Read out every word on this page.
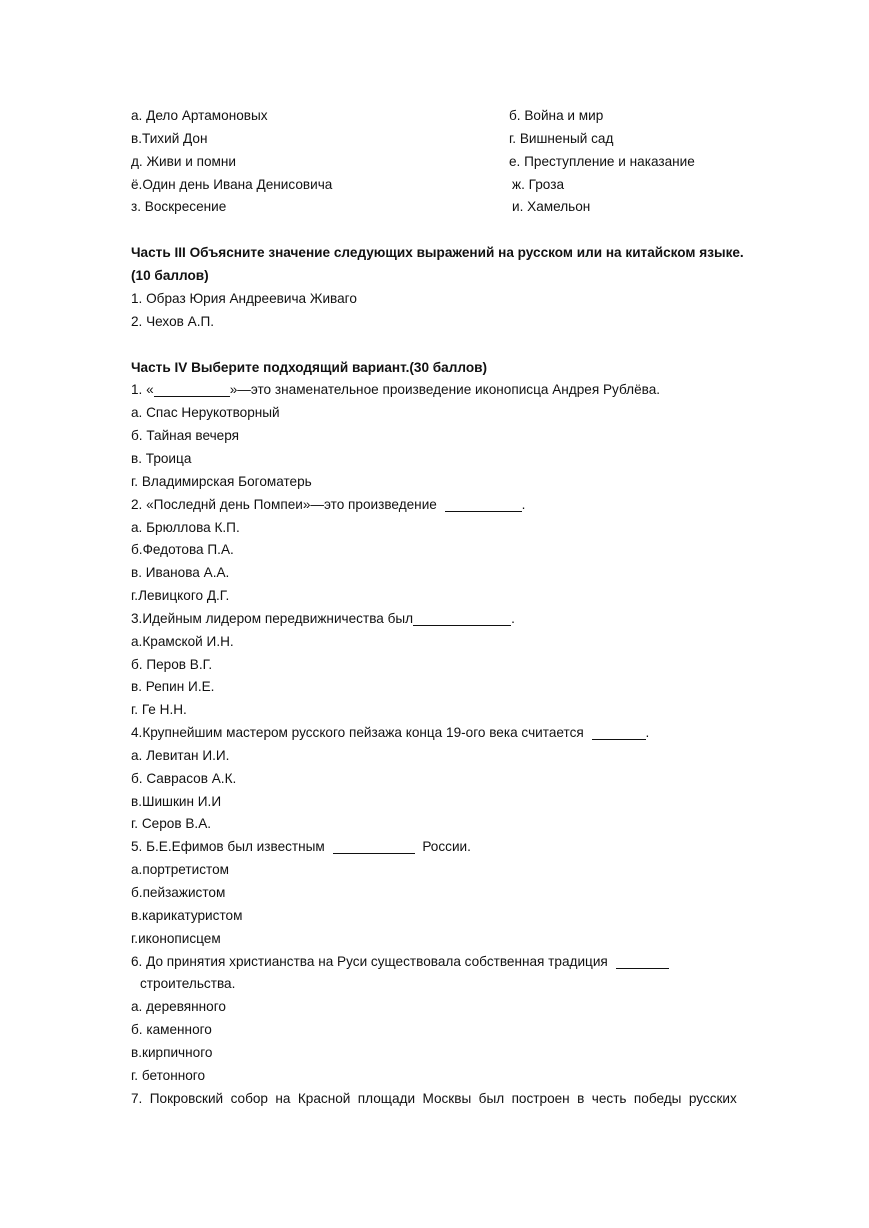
а. Дело Артамоновых	б. Война и мир
в.Тихий Дон	г. Вишненый сад
д. Живи и помни	е. Преступление и наказание
ё.Один день Ивана Денисовича	ж. Гроза
з. Воскресение	и. Хамельон
Часть III Объясните значение следующих выражений на русском или на китайском языке.
(10 баллов)
1. Образ Юрия Андреевича Живаго
2. Чехов А.П.
Часть IV Выберите подходящий вариант.(30 баллов)
1. «	»—это знаменательное произведение иконописца Андрея Рублёва.
а. Спас Нерукотворный
б. Тайная вечеря
в. Троица
г. Владимирская Богоматерь
2. «Последнй день Помпеи»—это произведение	.
а. Брюллова К.П.
б.Федотова П.А.
в. Иванова А.А.
г.Левицкого Д.Г.
3.Идейным лидером передвижничества был	.
а.Крамской И.Н.
б. Перов В.Г.
в. Репин И.Е.
г. Ге Н.Н.
4.Крупнейшим мастером русского пейзажа конца 19-ого века считается	.
а. Левитан И.И.
б. Саврасов А.К.
в.Шишкин И.И
г. Серов В.А.
5. Б.Е.Ефимов был известным	России.
а.портретистом
б.пейзажистом
в.карикатуристом
г.иконописцем
6. До принятия христианства на Руси существовала собственная традиция
строительства.
а. деревянного
б. каменного
в.кирпичного
г. бетонного
7. Покровский собор на Красной площади Москвы был построен в честь победы русских
